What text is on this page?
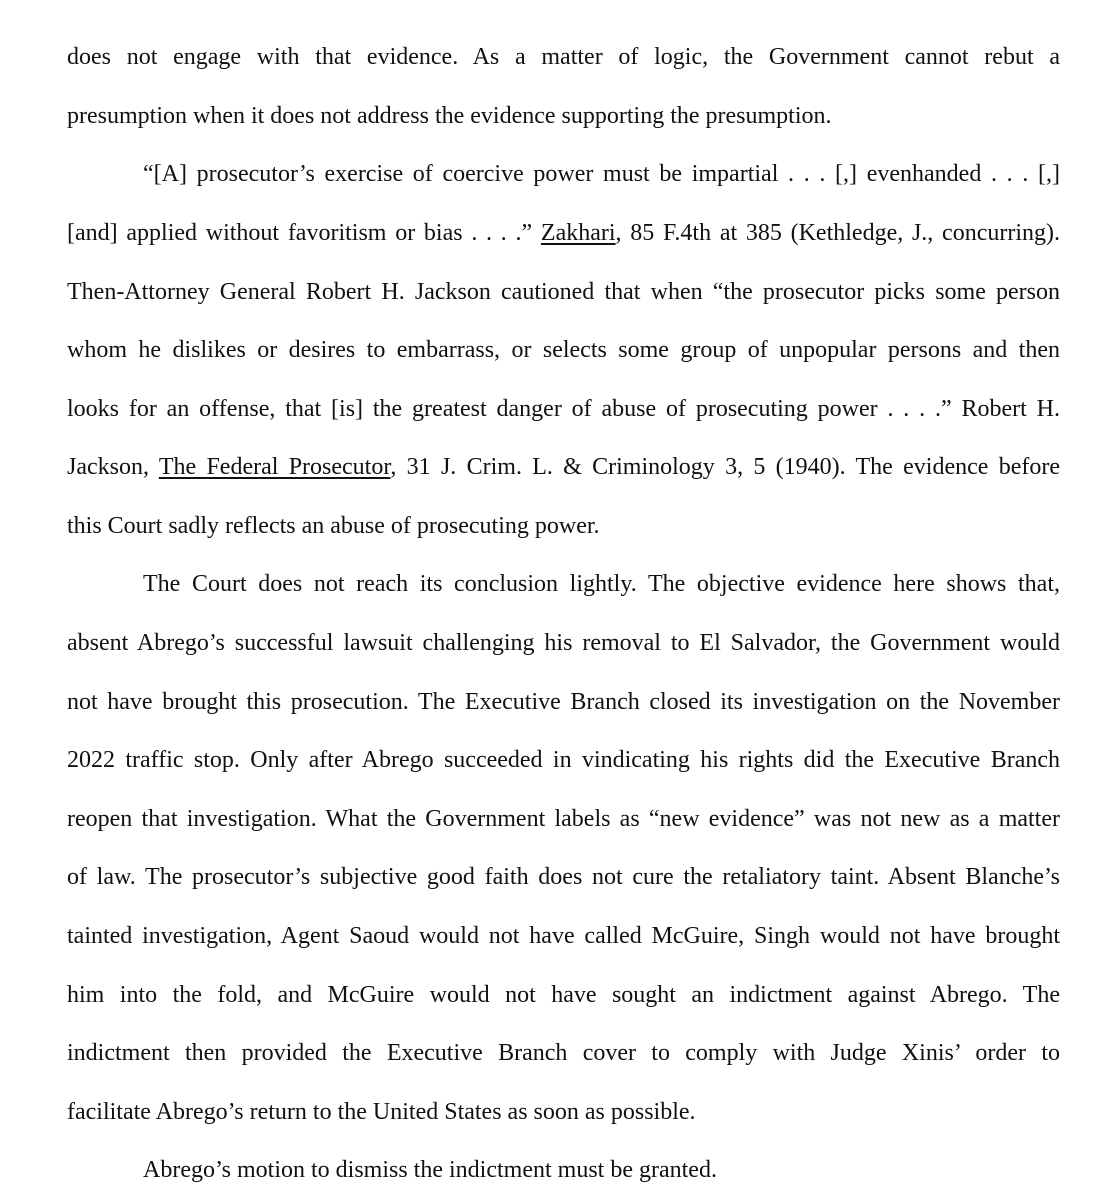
does not engage with that evidence. As a matter of logic, the Government cannot rebut a
presumption when it does not address the evidence supporting the presumption.
“[A] prosecutor’s exercise of coercive power must be impartial . . . [,] evenhanded . . . [,]
[and] applied without favoritism or bias . . . .” Zakhari, 85 F.4th at 385 (Kethledge, J., concurring).
Then-Attorney General Robert H. Jackson cautioned that when “the prosecutor picks some person
whom he dislikes or desires to embarrass, or selects some group of unpopular persons and then
looks for an offense, that [is] the greatest danger of abuse of prosecuting power . . . .” Robert H.
Jackson, The Federal Prosecutor, 31 J. Crim. L. & Criminology 3, 5 (1940). The evidence before
this Court sadly reflects an abuse of prosecuting power.
The Court does not reach its conclusion lightly. The objective evidence here shows that,
absent Abrego’s successful lawsuit challenging his removal to El Salvador, the Government would
not have brought this prosecution. The Executive Branch closed its investigation on the November
2022 traffic stop. Only after Abrego succeeded in vindicating his rights did the Executive Branch
reopen that investigation. What the Government labels as “new evidence” was not new as a matter
of law. The prosecutor’s subjective good faith does not cure the retaliatory taint. Absent Blanche’s
tainted investigation, Agent Saoud would not have called McGuire, Singh would not have brought
him into the fold, and McGuire would not have sought an indictment against Abrego. The
indictment then provided the Executive Branch cover to comply with Judge Xinis’ order to
facilitate Abrego’s return to the United States as soon as possible.
Abrego’s motion to dismiss the indictment must be granted.
